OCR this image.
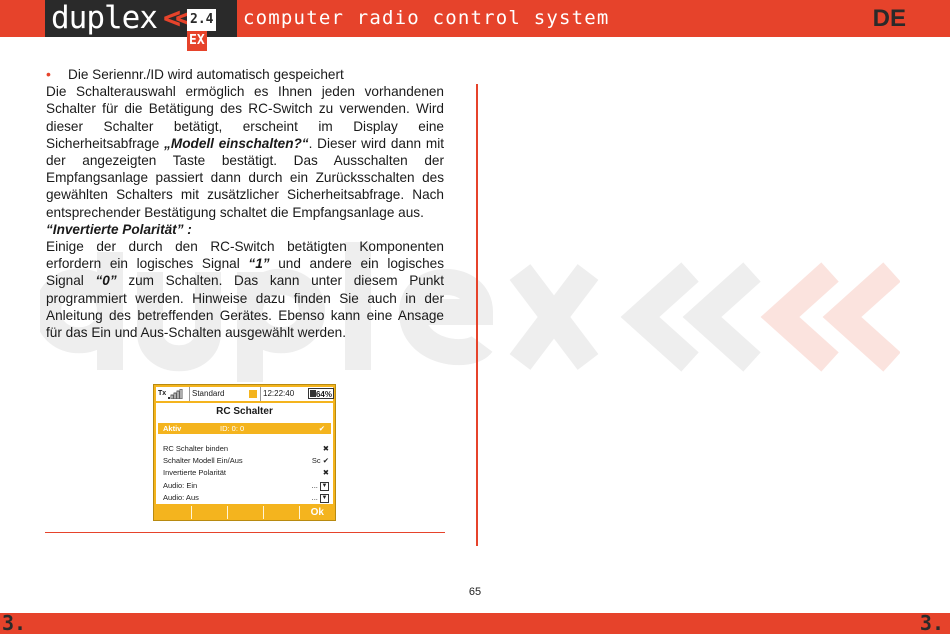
duplex << 2.4EX
computer radio control system	DE

• Die Seriennr./ID wird automatisch gespeichert

Die Schalterauswahl ermöglich es Ihnen jeden vorhandenen Schalter für die Betätigung des RC-Switch zu verwenden. Wird dieser Schalter betätigt, erscheint im Display eine Sicherheitsabfrage „Modell einschalten?“. Dieser wird dann mit der angezeigten Taste bestätigt. Das Ausschalten der Empfangsanlage passiert dann durch ein Zurücksschalten des gewählten Schalters mit zusätzlicher Sicherheitsabfrage. Nach entsprechender Bestätigung schaltet die Empfangsanlage aus.

“Invertierte Polarität” :

Einige der durch den RC-Switch betätigten Komponenten erfordern ein logisches Signal “1” und andere ein logisches Signal “0” zum Schalten. Das kann unter diesem Punkt programmiert werden. Hinweise dazu finden Sie auch in der Anleitung des betreffenden Gerätes. Ebenso kann eine Ansage für das Ein und Aus-Schalten ausgewählt werden.

Tx	Standard	12:22:40	64%
RC Schalter
Aktiv	ID: 0: 0	✔
RC Schalter binden	✖
Schalter Modell Ein/Aus	Sc ✔
Invertierte Polarität	✖
Audio: Ein	... ▼
Audio: Aus	... ▼
Ok
65
3.	3.
